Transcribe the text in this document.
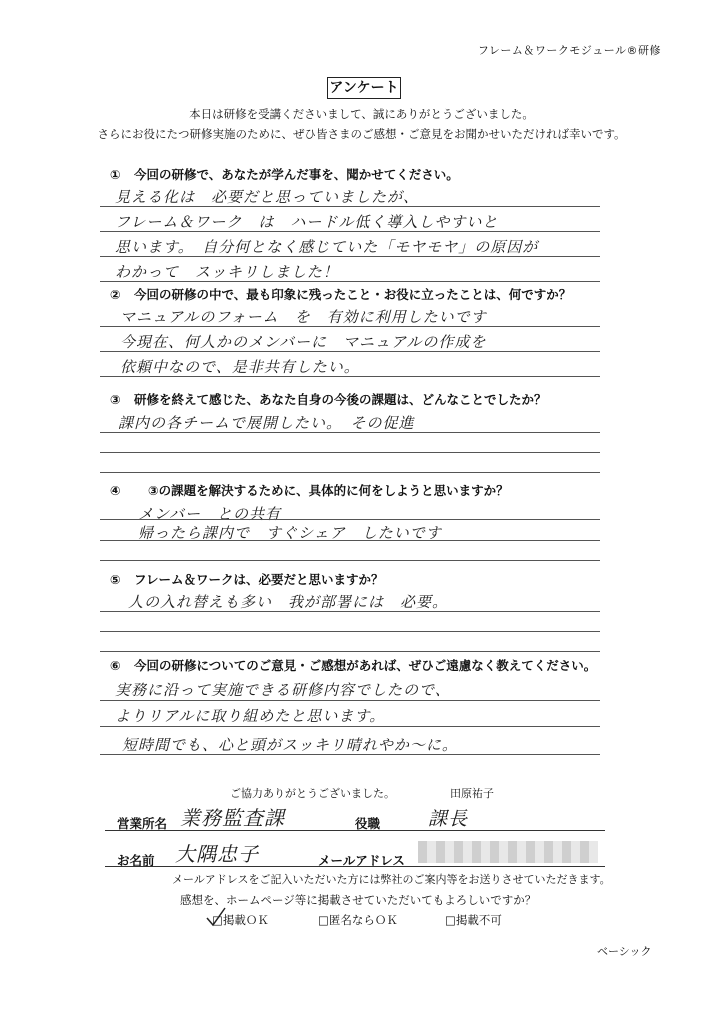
フレーム＆ワークモジュール®研修
アンケート
本日は研修を受講くださいまして、誠にありがとうございました。
さらにお役にたつ研修実施のために、ぜひ皆さまのご感想・ご意見をお聞かせいただければ幸いです。
① 今回の研修で、あなたが学んだ事を、聞かせてください。
見える化は　必要だと思っていましたが、
フレーム＆ワーク　は　ハードル低く導入しやすいと
思います。　自分何となく感じていた「モヤモヤ」の原因が
わかって　スッキリしました！
② 今回の研修の中で、最も印象に残ったこと・お役に立ったことは、何ですか？
マニュアルのフォーム　を　有効に利用したいです
今現在、何人かのメンバーに　マニュアルの作成を
依頼中なので、是非共有したい。
③ 研修を終えて感じた、あなた自身の今後の課題は、どんなことでしたか？
課内の各チームで展開したい。　その促進
④ ③の課題を解決するために、具体的に何をしようと思いますか？
メンバー　との共有
帰ったら課内で　すぐシェア　したいです
⑤ フレーム＆ワークは、必要だと思いますか？
人の入れ替えも多い　我が部署には　必要。
⑥ 今回の研修についてのご意見・ご感想があれば、ぜひご遠慮なく教えてください。
実務に沿って実施できる研修内容でしたので、
よりリアルに取り組めたと思います。
短時間でも、心と頭がスッキリ晴れやか〜に。
ご協力ありがとうございました。	田原祐子
営業所名 業務監査課	役職	課長
お名前 大隅忠子	メールアドレス
メールアドレスをご記入いただいた方には弊社のご案内等をお送りさせていただきます。
感想を、ホームページ等に掲載させていただいてもよろしいですか？
□掲載ＯＫ	□匿名ならＯＫ	□掲載不可
ベーシック
